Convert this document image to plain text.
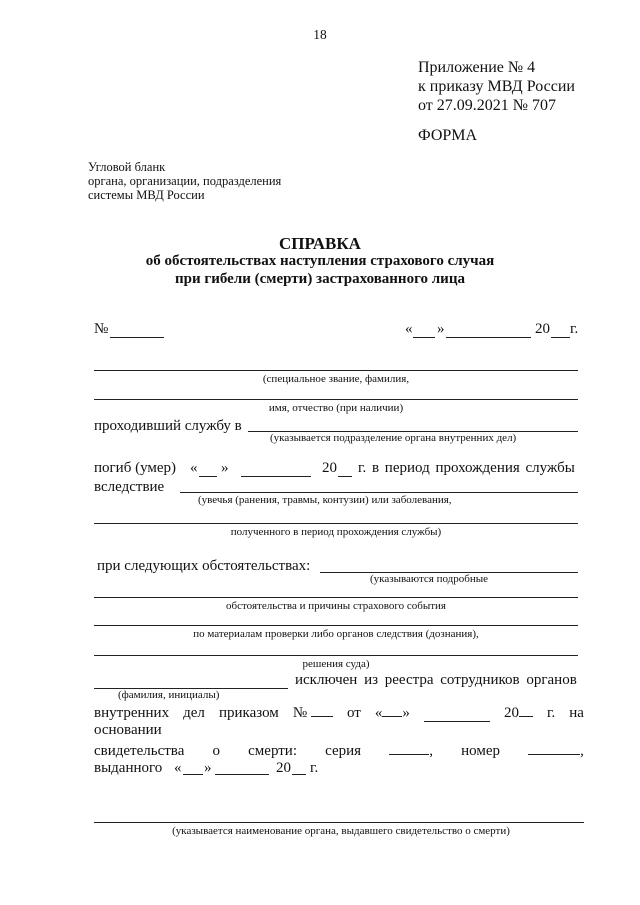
18
Приложение № 4
к приказу МВД России
от 27.09.2021 № 707
ФОРМА
Угловой бланк
органа, организации, подразделения
системы МВД России
СПРАВКА
об обстоятельствах наступления страхового случая
при гибели (смерти) застрахованного лица
№	« »	20 г.
(специальное звание, фамилия,
имя, отчество (при наличии)
проходивший службу в
(указывается подразделение органа внутренних дел)
погиб (умер) « »	20 г. в период прохождения службы
вследствие
(увечья (ранения, травмы, контузии) или заболевания,
полученного в период прохождения службы)
при следующих обстоятельствах:
(указываются подробные
обстоятельства и причины страхового события
по материалам проверки либо органов следствия (дознания),
решения суда)
исключен из реестра сотрудников органов
(фамилия, инициалы)
внутренних дел приказом №	от « »	20	г. на
основании
свидетельства о смерти: серия	, номер	,
выданного « »	20 г.
(указывается наименование органа, выдавшего свидетельство о смерти)
